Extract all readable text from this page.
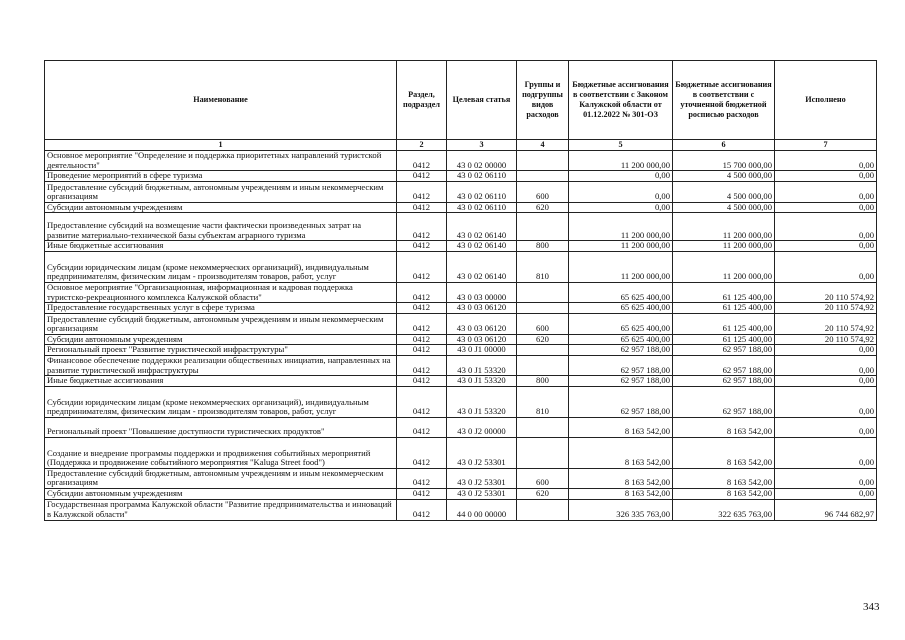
Наименование	Раздел, подраздел	Целевая статья	Группы и подгруппы видов расходов	Бюджетные ассигнования в соответствии с Законом Калужской области от 01.12.2022 № 301-ОЗ	Бюджетные ассигнования в соответствии с уточненной бюджетной росписью расходов	Исполнено
1	2	3	4	5	6	7
Основное мероприятие "Определение и поддержка приоритетных направлений туристской деятельности"	0412	43 0 02 00000		11 200 000,00	15 700 000,00	0,00
Проведение мероприятий в сфере туризма	0412	43 0 02 06110		0,00	4 500 000,00	0,00
Предоставление субсидий бюджетным, автономным учреждениям и иным некоммерческим организациям	0412	43 0 02 06110	600	0,00	4 500 000,00	0,00
Субсидии автономным учреждениям	0412	43 0 02 06110	620	0,00	4 500 000,00	0,00
Предоставление субсидий на возмещение части фактически произведенных затрат на развитие материально-технической базы субъектам аграрного туризма	0412	43 0 02 06140		11 200 000,00	11 200 000,00	0,00
Иные бюджетные ассигнования	0412	43 0 02 06140	800	11 200 000,00	11 200 000,00	0,00
Субсидии юридическим лицам (кроме некоммерческих организаций), индивидуальным предпринимателям, физическим лицам - производителям товаров, работ, услуг	0412	43 0 02 06140	810	11 200 000,00	11 200 000,00	0,00
Основное мероприятие "Организационная, информационная и кадровая поддержка туристско-рекреационного комплекса Калужской области"	0412	43 0 03 00000		65 625 400,00	61 125 400,00	20 110 574,92
Предоставление государственных услуг в сфере туризма	0412	43 0 03 06120		65 625 400,00	61 125 400,00	20 110 574,92
Предоставление субсидий бюджетным, автономным учреждениям и иным некоммерческим организациям	0412	43 0 03 06120	600	65 625 400,00	61 125 400,00	20 110 574,92
Субсидии автономным учреждениям	0412	43 0 03 06120	620	65 625 400,00	61 125 400,00	20 110 574,92
Региональный проект "Развитие туристической инфраструктуры"	0412	43 0 J1 00000		62 957 188,00	62 957 188,00	0,00
Финансовое обеспечение поддержки реализации общественных инициатив, направленных на развитие туристической инфраструктуры	0412	43 0 J1 53320		62 957 188,00	62 957 188,00	0,00
Иные бюджетные ассигнования	0412	43 0 J1 53320	800	62 957 188,00	62 957 188,00	0,00
Субсидии юридическим лицам (кроме некоммерческих организаций), индивидуальным предпринимателям, физическим лицам - производителям товаров, работ, услуг	0412	43 0 J1 53320	810	62 957 188,00	62 957 188,00	0,00
Региональный проект "Повышение доступности туристических продуктов"	0412	43 0 J2 00000		8 163 542,00	8 163 542,00	0,00
Создание и внедрение программы поддержки и продвижения событийных мероприятий (Поддержка и продвижение событийного мероприятия "Kaluga Street food")	0412	43 0 J2 53301		8 163 542,00	8 163 542,00	0,00
Предоставление субсидий бюджетным, автономным учреждениям и иным некоммерческим организациям	0412	43 0 J2 53301	600	8 163 542,00	8 163 542,00	0,00
Субсидии автономным учреждениям	0412	43 0 J2 53301	620	8 163 542,00	8 163 542,00	0,00
Государственная программа Калужской области "Развитие предпринимательства и инноваций в Калужской области"	0412	44 0 00 00000		326 335 763,00	322 635 763,00	96 744 682,97
343
